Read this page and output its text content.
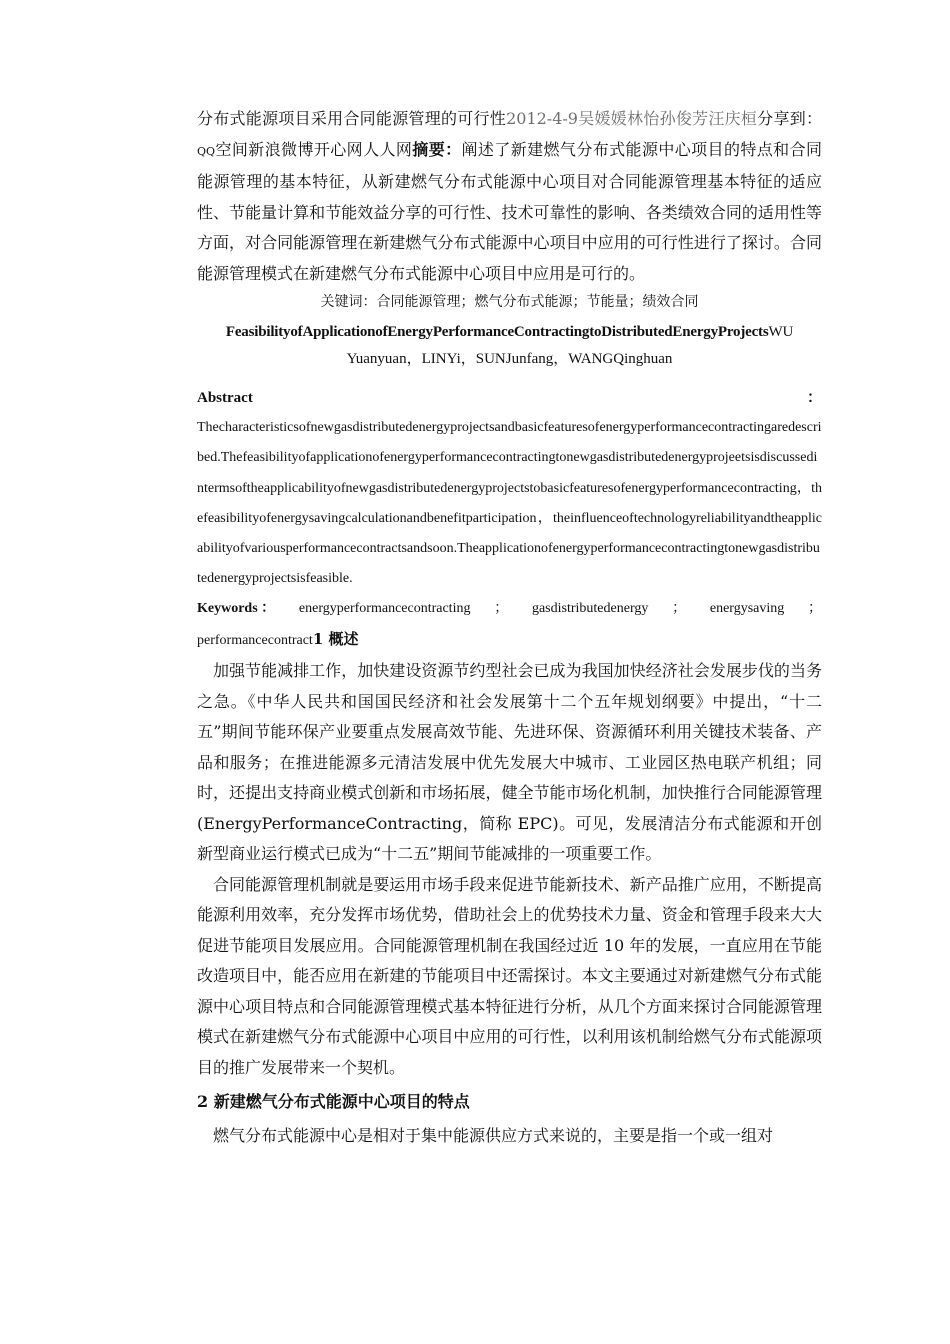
分布式能源项目采用合同能源管理的可行性2012-4-9吴媛媛林怡孙俊芳汪庆桓分享到：QQ空间新浪微博开心网人人网摘要：阐述了新建燃气分布式能源中心项目的特点和合同能源管理的基本特征，从新建燃气分布式能源中心项目对合同能源管理基本特征的适应性、节能量计算和节能效益分享的可行性、技术可靠性的影响、各类绩效合同的适用性等方面，对合同能源管理在新建燃气分布式能源中心项目中应用的可行性进行了探讨。合同能源管理模式在新建燃气分布式能源中心项目中应用是可行的。

关键词：合同能源管理；燃气分布式能源；节能量；绩效合同
FeasibilityofApplicationofEnergyPerformanceContractingtoDistributedEnergyProjectsWU
Yuanyuan，LINYi，SUNJunfang，WANGQinghuan
Abstract	：
Thecharacteristicsofnewgasdistributedenergyprojectsandbasicfeaturesofenergyperformancecontractingaredescribed.Thefeasibilityofapplicationofenergyperformancecontractingtonewgasdistributedenergyprojeetsisdiscussedintermsoftheapplicabilityofnewgasdistributedenergyprojectstobasicfeaturesofenergyperformancecontracting，thefeasibilityofenergysavingcalculationandbenefitparticipation，theinfluenceoftechnologyreliabilityandtheapplicabilityofvariousperformancecontractsandsoon.Theapplicationofenergyperformancecontractingtonewgasdistributedenergyprojectsisfeasible.
Keywords ： energyperformancecontracting ； gasdistributedenergy ； energysaving ；
performancecontract1 概述

加强节能减排工作，加快建设资源节约型社会已成为我国加快经济社会发展步伐的当务之急。《中华人民共和国国民经济和社会发展第十二个五年规划纲要》中提出，“十二五”期间节能环保产业要重点发展高效节能、先进环保、资源循环利用关键技术装备、产品和服务；在推进能源多元清洁发展中优先发展大中城市、工业园区热电联产机组；同时，还提出支持商业模式创新和市场拓展，健全节能市场化机制，加快推行合同能源管理(EnergyPerformanceContracting，简称 EPC)。可见，发展清洁分布式能源和开创新型商业运行模式已成为“十二五”期间节能减排的一项重要工作。

合同能源管理机制就是要运用市场手段来促进节能新技术、新产品推广应用，不断提高能源利用效率，充分发挥市场优势，借助社会上的优势技术力量、资金和管理手段来大大促进节能项目发展应用。合同能源管理机制在我国经过近 10 年的发展，一直应用在节能改造项目中，能否应用在新建的节能项目中还需探讨。本文主要通过对新建燃气分布式能源中心项目特点和合同能源管理模式基本特征进行分析，从几个方面来探讨合同能源管理模式在新建燃气分布式能源中心项目中应用的可行性，以利用该机制给燃气分布式能源项目的推广发展带来一个契机。

2 新建燃气分布式能源中心项目的特点

燃气分布式能源中心是相对于集中能源供应方式来说的，主要是指一个或一组对
